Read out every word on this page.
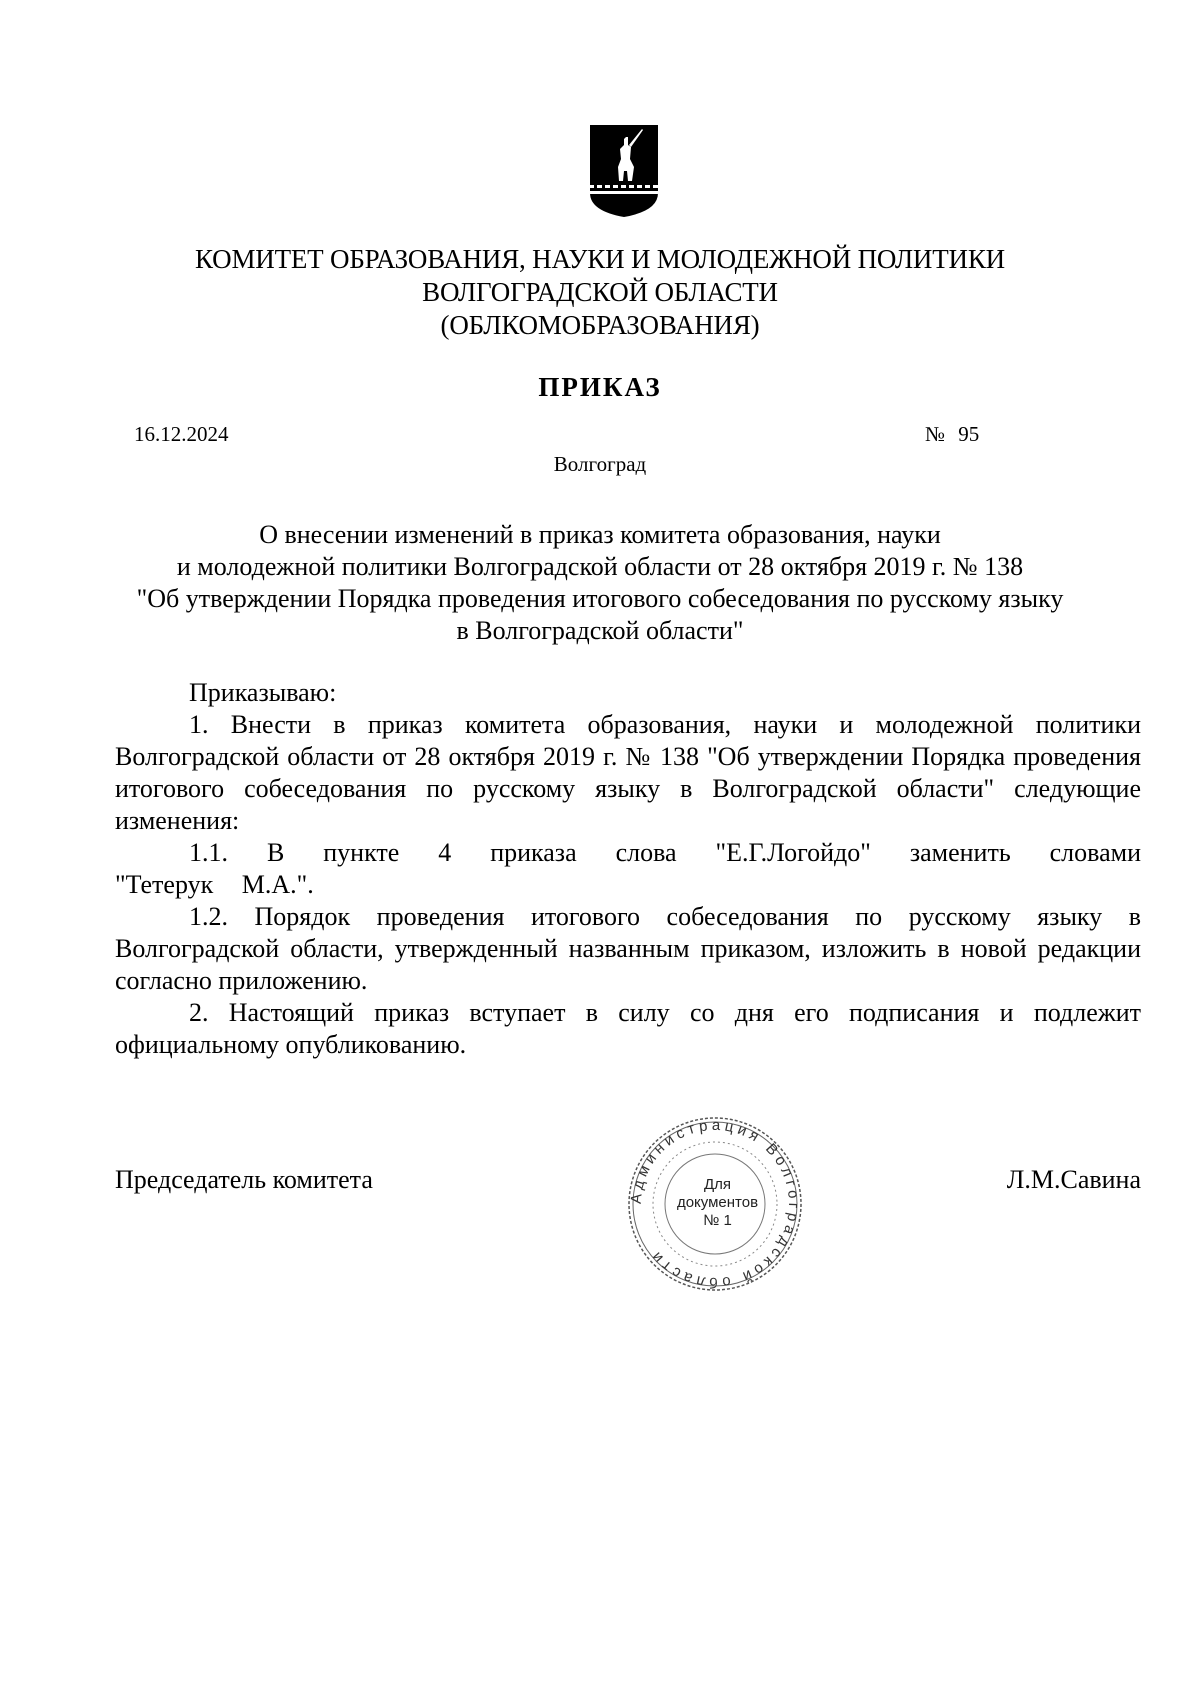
КОМИТЕТ ОБРАЗОВАНИЯ, НАУКИ И МОЛОДЕЖНОЙ ПОЛИТИКИ
ВОЛГОГРАДСКОЙ ОБЛАСТИ
(ОБЛКОМОБРАЗОВАНИЯ)
ПРИКАЗ
16.12.2024	№ 95
Волгоград
О внесении изменений в приказ комитета образования, науки
и молодежной политики Волгоградской области от 28 октября 2019 г. № 138
"Об утверждении Порядка проведения итогового собеседования по русскому языку
в Волгоградской области"
Приказываю:
1. Внести в приказ комитета образования, науки и молодежной политики Волгоградской области от 28 октября 2019 г. № 138 "Об утверждении Порядка проведения итогового собеседования по русскому языку в Волгоградской области" следующие изменения:
1.1. В пункте 4 приказа слова "Е.Г.Логойдо" заменить словами "Тетерук М.А.".
1.2. Порядок проведения итогового собеседования по русскому языку в Волгоградской области, утвержденный названным приказом, изложить в новой редакции согласно приложению.
2. Настоящий приказ вступает в силу со дня его подписания и подлежит официальному опубликованию.
Председатель комитета	Л.М.Савина
Администрация Волгоградской области
Для
документов
№ 1
